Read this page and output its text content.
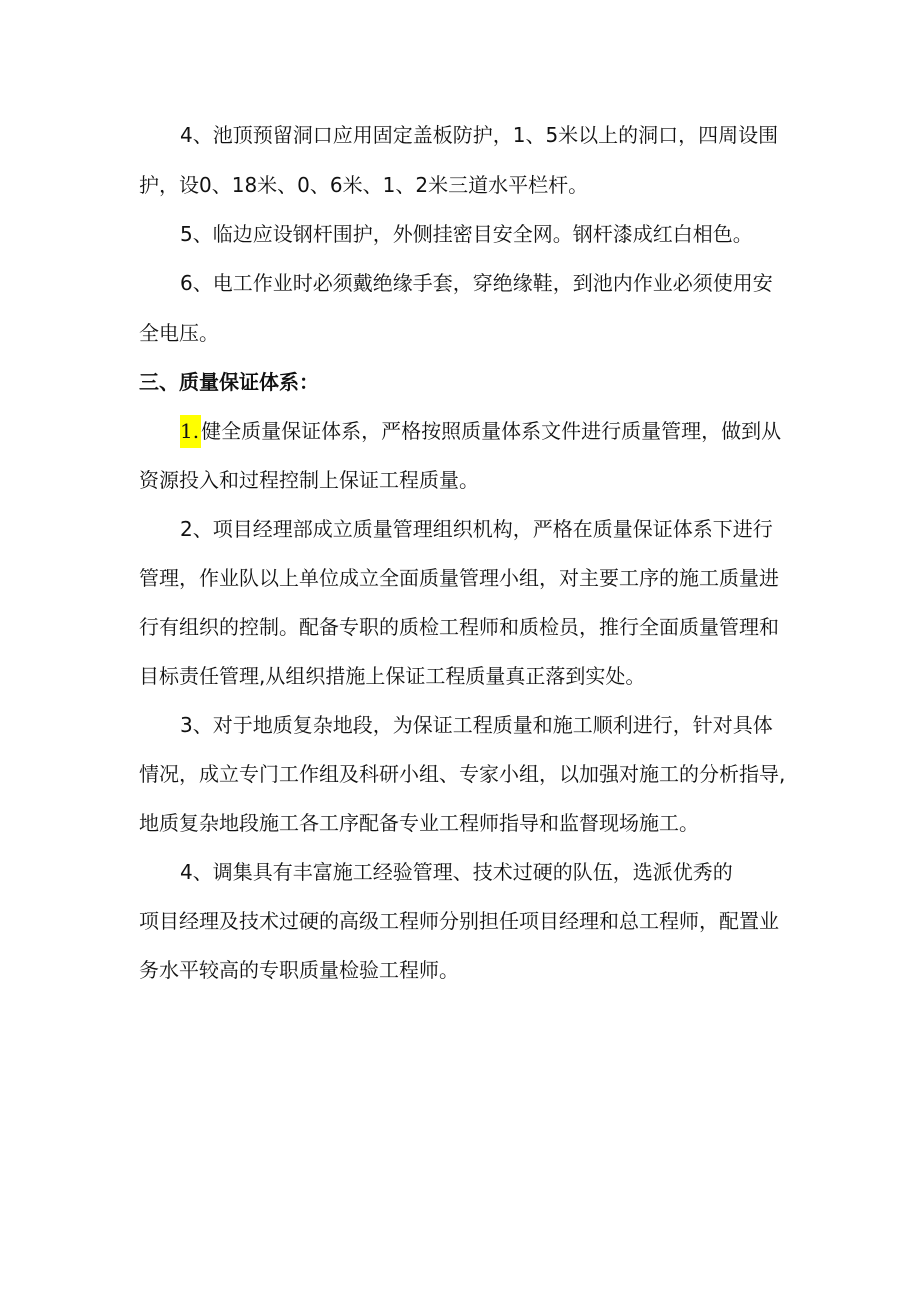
4、池顶预留洞口应用固定盖板防护，1、5米以上的洞口，四周设围
护，设0、18米、0、6米、1、2米三道水平栏杆。
5、临边应设钢杆围护，外侧挂密目安全网。钢杆漆成红白相色。
6、电工作业时必须戴绝缘手套，穿绝缘鞋，到池内作业必须使用安
全电压。
三、质量保证体系：
1. 健全质量保证体系，严格按照质量体系文件进行质量管理，做到从
资源投入和过程控制上保证工程质量。
2、项目经理部成立质量管理组织机构，严格在质量保证体系下进行
管理，作业队以上单位成立全面质量管理小组，对主要工序的施工质量进
行有组织的控制。配备专职的质检工程师和质检员，推行全面质量管理和
目标责任管理,从组织措施上保证工程质量真正落到实处。
3、对于地质复杂地段，为保证工程质量和施工顺利进行，针对具体
情况，成立专门工作组及科研小组、专家小组，以加强对施工的分析指导,
地质复杂地段施工各工序配备专业工程师指导和监督现场施工。
4、调集具有丰富施工经验管理、技术过硬的队伍，选派优秀的
项目经理及技术过硬的高级工程师分别担任项目经理和总工程师，配置业
务水平较高的专职质量检验工程师。
